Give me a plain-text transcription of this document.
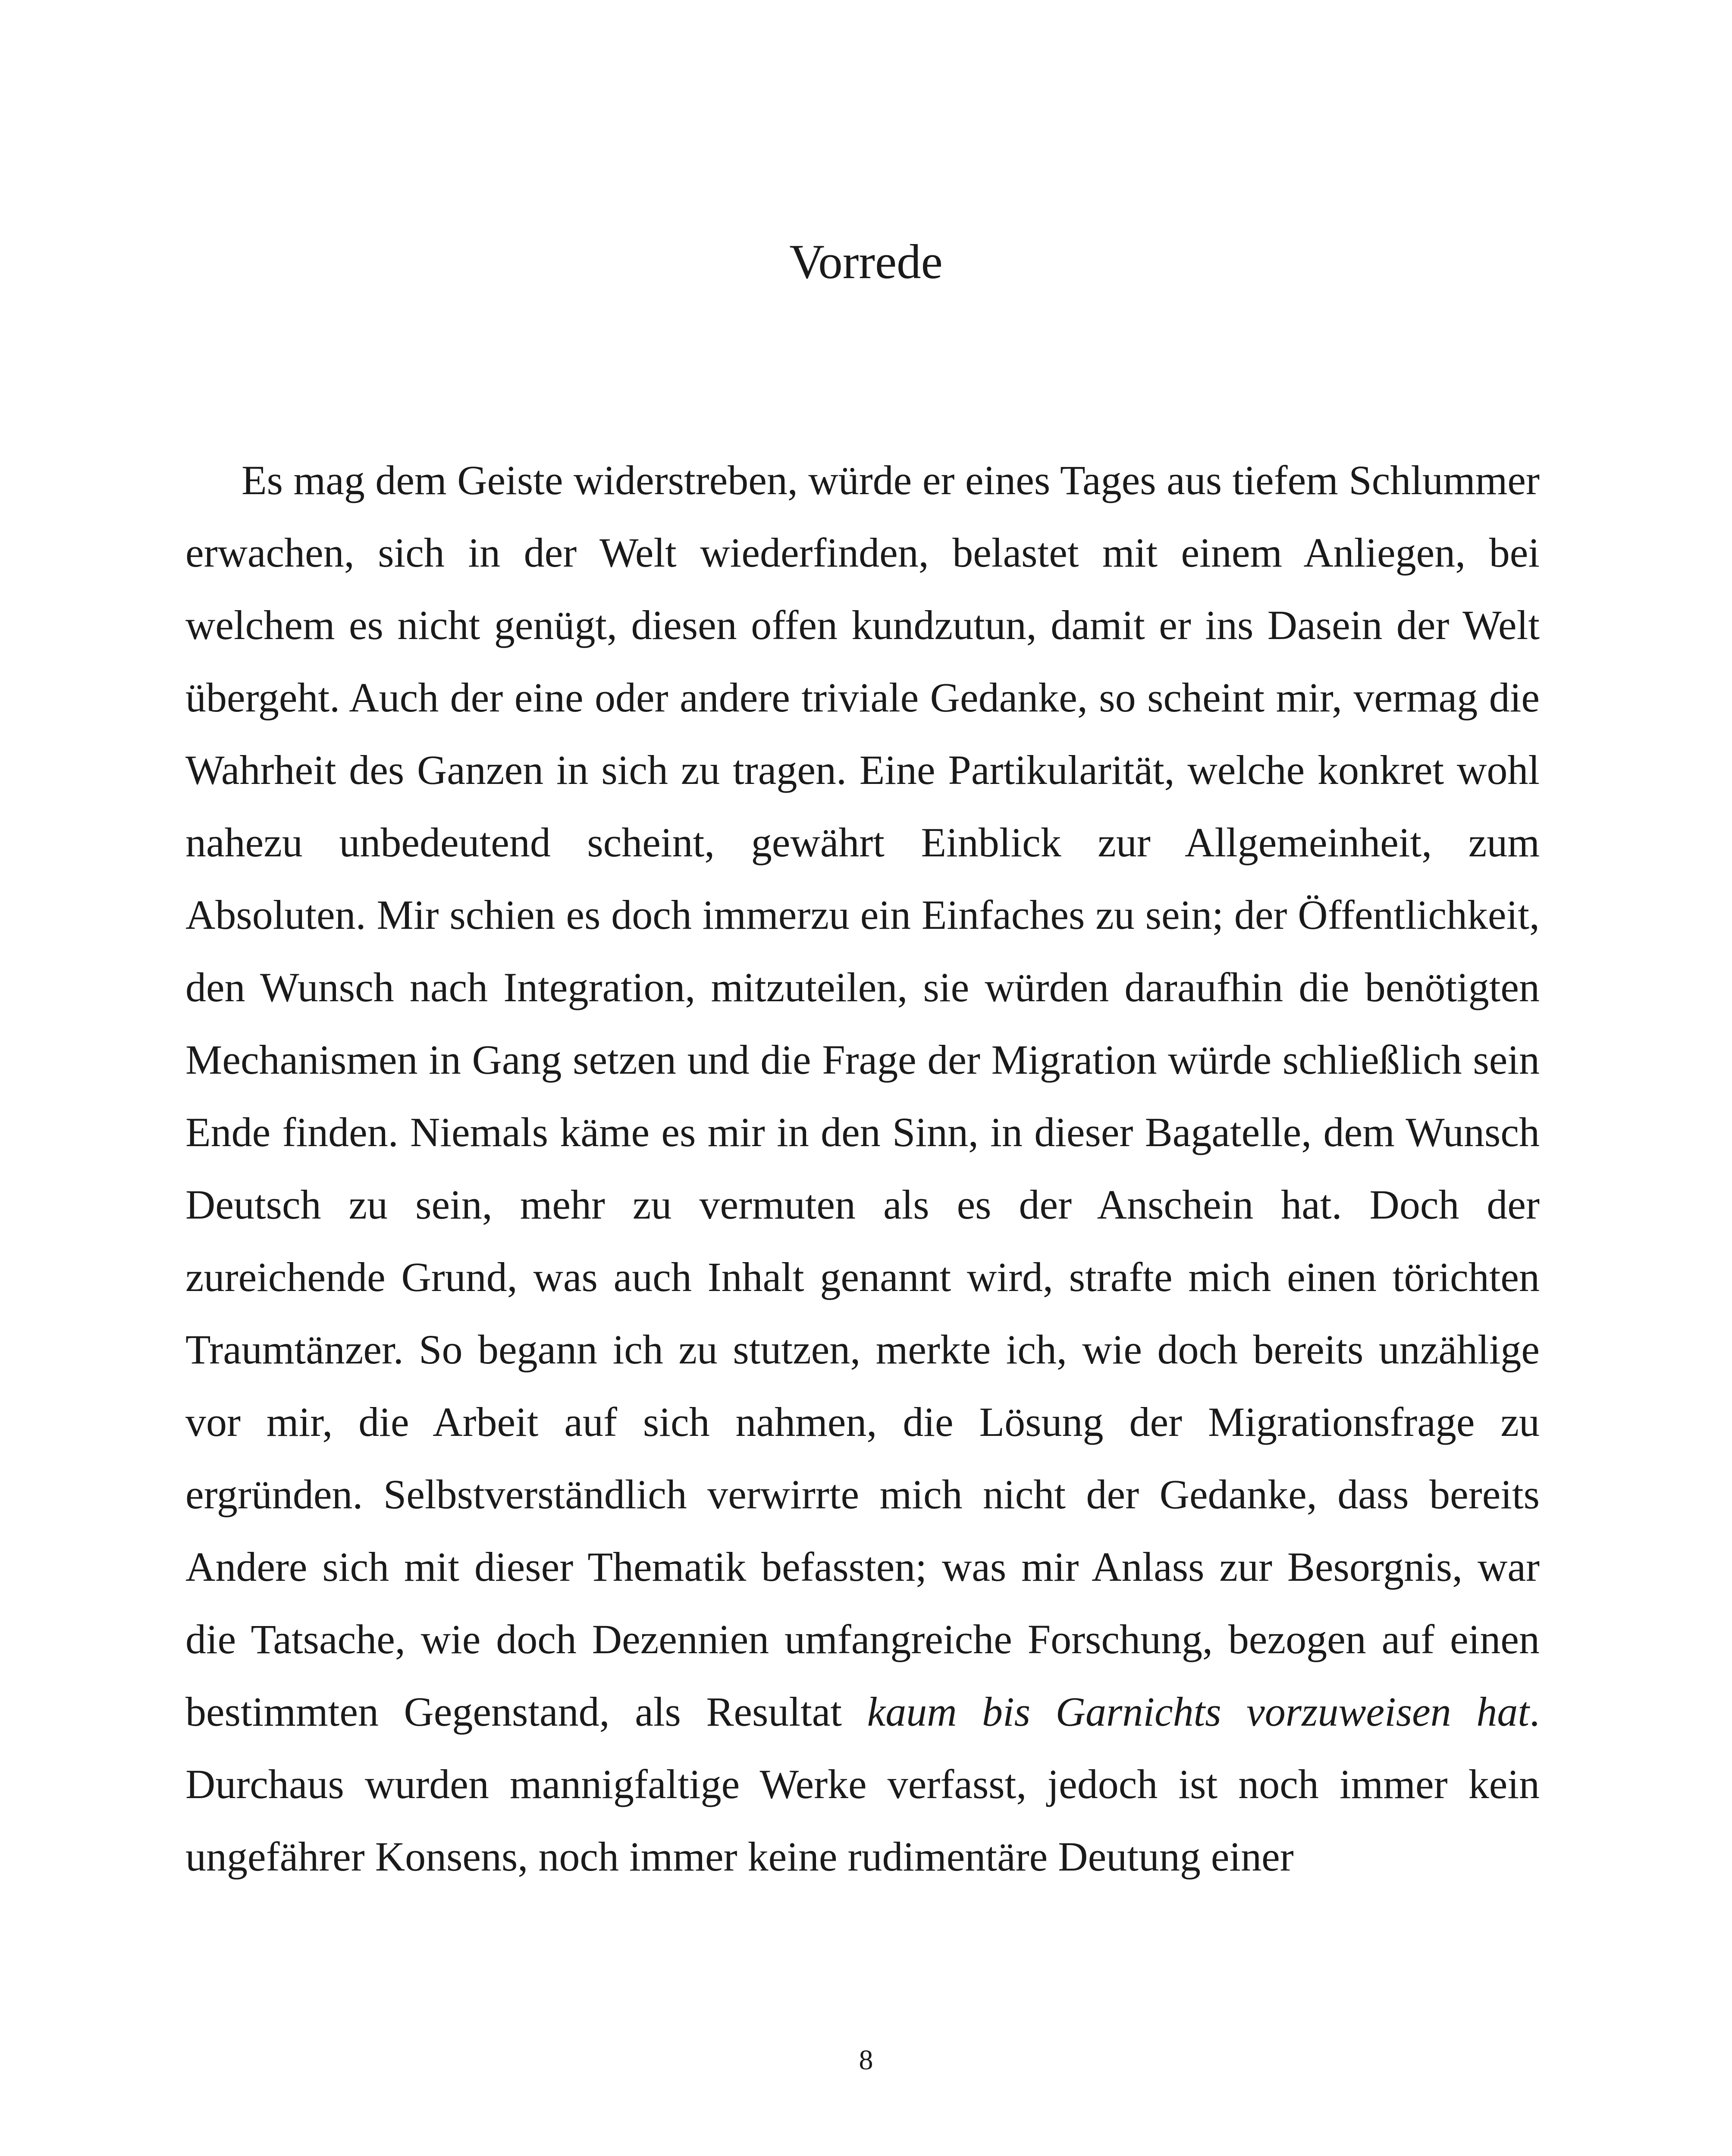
Vorrede

Es mag dem Geiste widerstreben, würde er eines Tages aus tiefem Schlummer erwachen, sich in der Welt wiederfinden, belastet mit einem Anliegen, bei welchem es nicht genügt, diesen offen kundzutun, damit er ins Dasein der Welt übergeht. Auch der eine oder andere triviale Gedanke, so scheint mir, vermag die Wahrheit des Ganzen in sich zu tragen. Eine Partikularität, welche konkret wohl nahezu unbedeutend scheint, gewährt Einblick zur Allgemeinheit, zum Absoluten. Mir schien es doch immerzu ein Einfaches zu sein; der Öffentlichkeit, den Wunsch nach Integration, mitzuteilen, sie würden daraufhin die benötigten Mechanismen in Gang setzen und die Frage der Migration würde schließlich sein Ende finden. Niemals käme es mir in den Sinn, in dieser Bagatelle, dem Wunsch Deutsch zu sein, mehr zu vermuten als es der Anschein hat. Doch der zureichende Grund, was auch Inhalt genannt wird, strafte mich einen törichten Traumtänzer. So begann ich zu stutzen, merkte ich, wie doch bereits unzählige vor mir, die Arbeit auf sich nahmen, die Lösung der Migrationsfrage zu ergründen. Selbstverständlich verwirrte mich nicht der Gedanke, dass bereits Andere sich mit dieser Thematik befassten; was mir Anlass zur Besorgnis, war die Tatsache, wie doch Dezennien umfangreiche Forschung, bezogen auf einen bestimmten Gegenstand, als Resultat kaum bis Garnichts vorzuweisen hat. Durchaus wurden mannigfaltige Werke verfasst, jedoch ist noch immer kein ungefährer Konsens, noch immer keine rudimentäre Deutung einer

8
